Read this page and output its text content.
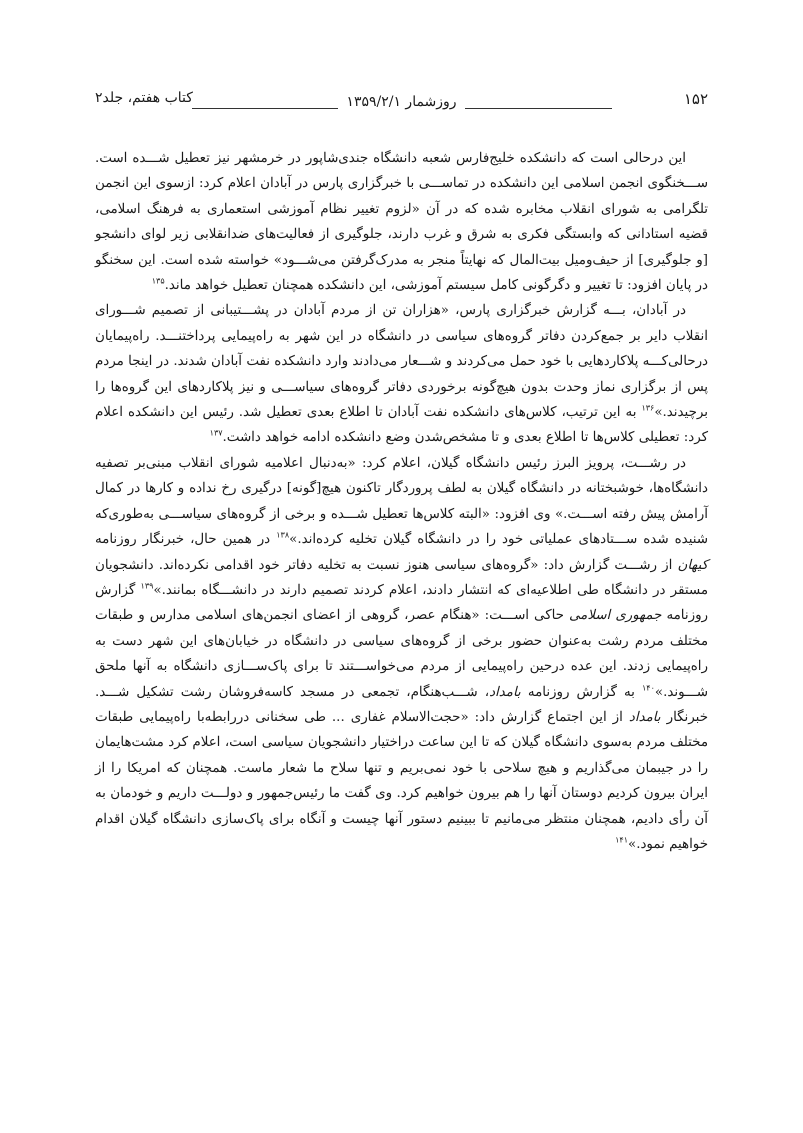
۱۵۲
روزشمار ۱۳۵۹/۲/۱
کتاب هفتم، جلد۲

این درحالی است که دانشکده خلیج‌فارس شعبه دانشگاه جندی‌شاپور در خرمشهر نیز تعطیل شـــده است. ســـخنگوی انجمن اسلامی این دانشکده در تماســـی با خبرگزاری پارس در آبادان اعلام کرد: ازسوی این انجمن تلگرامی به شورای انقلاب مخابره شده که در آن «لزوم تغییر نظام آموزشی استعماری به فرهنگ اسلامی، قضیه استادانی که وابستگی فکری به شرق و غرب دارند، جلوگیری از فعالیت‌های ضدانقلابی زیر لوای دانشجو [و جلوگیری] از حیف‌ومیل بیت‌المال که نهایتاً منجر به مدرک‌گرفتن می‌شـــود» خواسته شده است. این سخنگو در پایان افزود: تا تغییر و دگرگونی کامل سیستم آموزشی، این دانشکده همچنان تعطیل خواهد ماند.$^{۱۳۵}$

در آبادان، بـــه گزارش خبرگزاری پارس، «هزاران تن از مردم آبادان در پشـــتیبانی از تصمیم شـــورای انقلاب دایر بر جمع‌کردن دفاتر گروه‌های سیاسی در دانشگاه در این شهر به راه‌پیمایی پرداختنـــد. راه‌پیمایان درحالی‌کـــه پلاکاردهایی با خود حمل می‌کردند و شـــعار می‌دادند وارد دانشکده نفت آبادان شدند. در اینجا مردم پس از برگزاری نماز وحدت بدون هیچ‌گونه برخوردی دفاتر گروه‌های سیاســـی و نیز پلاکاردهای این گروه‌ها را برچیدند.»$^{۱۳۶}$ به این ترتیب، کلاس‌های دانشکده نفت آبادان تا اطلاع بعدی تعطیل شد. رئیس این دانشکده اعلام کرد: تعطیلی کلاس‌ها تا اطلاع بعدی و تا مشخص‌شدن وضع دانشکده ادامه خواهد داشت.$^{۱۳۷}$

در رشـــت، پرویز البرز رئیس دانشگاه گیلان، اعلام کرد: «به‌دنبال اعلامیه شورای انقلاب مبنی‌بر تصفیه دانشگاه‌ها، خوشبختانه در دانشگاه گیلان به لطف پروردگار تاکنون هیچ[گونه] درگیری رخ نداده و کارها در کمال آرامش پیش رفته اســـت.» وی افزود: «البته کلاس‌ها تعطیل شـــده و برخی از گروه‌های سیاســـی به‌طوری‌که شنیده شده ســـتادهای عملیاتی خود را در دانشگاه گیلان تخلیه کرده‌اند.»$^{۱۳۸}$ در همین حال، خبرنگار روزنامه کیهان از رشـــت گزارش داد: «گروه‌های سیاسی هنوز نسبت به تخلیه دفاتر خود اقدامی نکرده‌اند. دانشجویان مستقر در دانشگاه طی اطلاعیه‌ای که انتشار دادند، اعلام کردند تصمیم دارند در دانشـــگاه بمانند.»$^{۱۳۹}$ گزارش روزنامه جمهوری اسلامی حاکی اســـت: «هنگام عصر، گروهی از اعضای انجمن‌های اسلامی مدارس و طبقات مختلف مردم رشت به‌عنوان حضور برخی از گروه‌های سیاسی در دانشگاه در خیابان‌های این شهر دست به راه‌پیمایی زدند. این عده درحین راه‌پیمایی از مردم می‌خواســـتند تا برای پاک‌ســـازی دانشگاه به آنها ملحق شـــوند.»$^{۱۴۰}$ به گزارش روزنامه بامداد، شـــب‌هنگام، تجمعی در مسجد کاسه‌فروشان رشت تشکیل شـــد. خبرنگار بامداد از این اجتماع گزارش داد: «حجت‌الاسلام غفاری ... طی سخنانی دررابطه‌با راه‌پیمایی طبقات مختلف مردم به‌سوی دانشگاه گیلان که تا این ساعت دراختیار دانشجویان سیاسی است، اعلام کرد مشت‌هایمان را در جیبمان می‌گذاریم و هیچ سلاحی با خود نمی‌بریم و تنها سلاح ما شعار ماست. همچنان که امریکا را از ایران بیرون کردیم دوستان آنها را هم بیرون خواهیم کرد. وی گفت ما رئیس‌جمهور و دولـــت داریم و خودمان به آن رأی دادیم، همچنان منتظر می‌مانیم تا ببینیم دستور آنها چیست و آنگاه برای پاک‌سازی دانشگاه گیلان اقدام خواهیم نمود.»$^{۱۴۱}$
